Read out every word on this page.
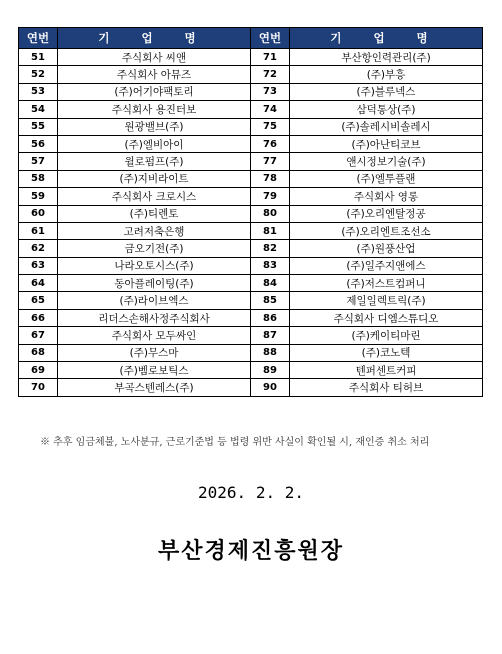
연번	기 업 명	연번	기 업 명
51	주식회사 씨앤	71	부산항인력관리(주)
52	주식회사 아뮤즈	72	(주)부흥
53	(주)어기야팩토리	73	(주)블루넥스
54	주식회사 용진터보	74	삼덕통상(주)
55	원광밸브(주)	75	(주)솔레시비솔레시
56	(주)엘비아이	76	(주)아난티코브
57	윌로펌프(주)	77	앤시정보기술(주)
58	(주)지비라이트	78	(주)엘투플랜
59	주식회사 크로시스	79	주식회사 영롱
60	(주)티렌토	80	(주)오리엔탈정공
61	고려저축은행	81	(주)오리엔트조선소
62	금오기전(주)	82	(주)원풍산업
63	나라오토시스(주)	83	(주)일주지앤에스
64	동아플레이팅(주)	84	(주)저스트컴퍼니
65	(주)라이브엑스	85	제일일렉트릭(주)
66	리더스손해사정주식회사	86	주식회사 디엠스튜디오
67	주식회사 모두싸인	87	(주)케이티마린
68	(주)무스마	88	(주)코노텍
69	(주)벰로보틱스	89	텐퍼센트커피
70	부곡스텐레스(주)	90	주식회사 티허브
※ 추후 임금체불, 노사분규, 근로기준법 등 법령 위반 사실이 확인될 시, 재인증 취소 처리
2026. 2. 2.
부산경제진흥원장
